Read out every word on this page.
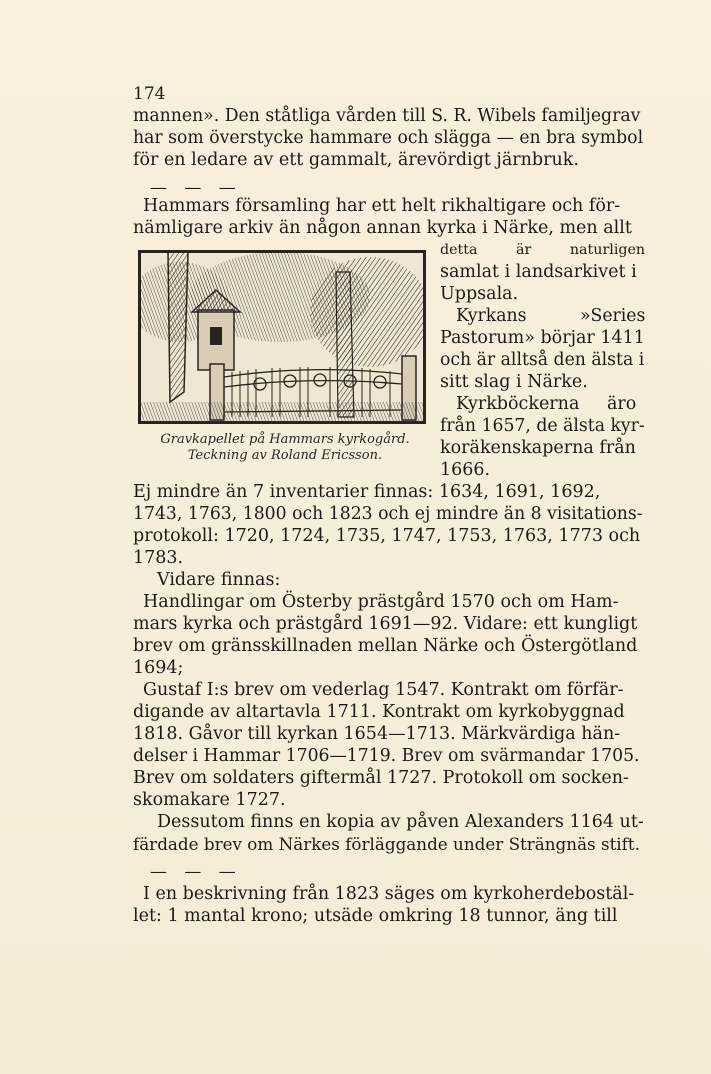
174
mannen». Den ståtliga vården till S. R. Wibels familjegrav
har som överstycke hammare och slägga — en bra symbol
för en ledare av ett gammalt, ärevördigt järnbruk.
— — —
Hammars församling har ett helt rikhaltigare och för-
nämligare arkiv än någon annan kyrka i Närke, men allt
detta är naturligen
samlat i landsarkivet i
Uppsala.
Kyrkans »Series
Pastorum» börjar 1411
och är alltså den älsta i
sitt slag i Närke.
Kyrkböckerna äro
från 1657, de älsta kyr-
koräkenskaperna från
1666.
Gravkapellet på Hammars kyrkogård.
Teckning av Roland Ericsson.
Ej mindre än 7 inventarier finnas: 1634, 1691, 1692,
1743, 1763, 1800 och 1823 och ej mindre än 8 visitations-
protokoll: 1720, 1724, 1735, 1747, 1753, 1763, 1773 och
1783.
Vidare finnas:
Handlingar om Österby prästgård 1570 och om Ham-
mars kyrka och prästgård 1691—92. Vidare: ett kungligt
brev om gränsskillnaden mellan Närke och Östergötland
1694;
Gustaf I:s brev om vederlag 1547. Kontrakt om förfär-
digande av altartavla 1711. Kontrakt om kyrkobyggnad
1818. Gåvor till kyrkan 1654—1713. Märkvärdiga hän-
delser i Hammar 1706—1719. Brev om svärmandar 1705.
Brev om soldaters giftermål 1727. Protokoll om socken-
skomakare 1727.
Dessutom finns en kopia av påven Alexanders 1164 ut-
färdade brev om Närkes förläggande under Strängnäs stift.
— — —
I en beskrivning från 1823 säges om kyrkoherdebostäl-
let: 1 mantal krono; utsäde omkring 18 tunnor, äng till
